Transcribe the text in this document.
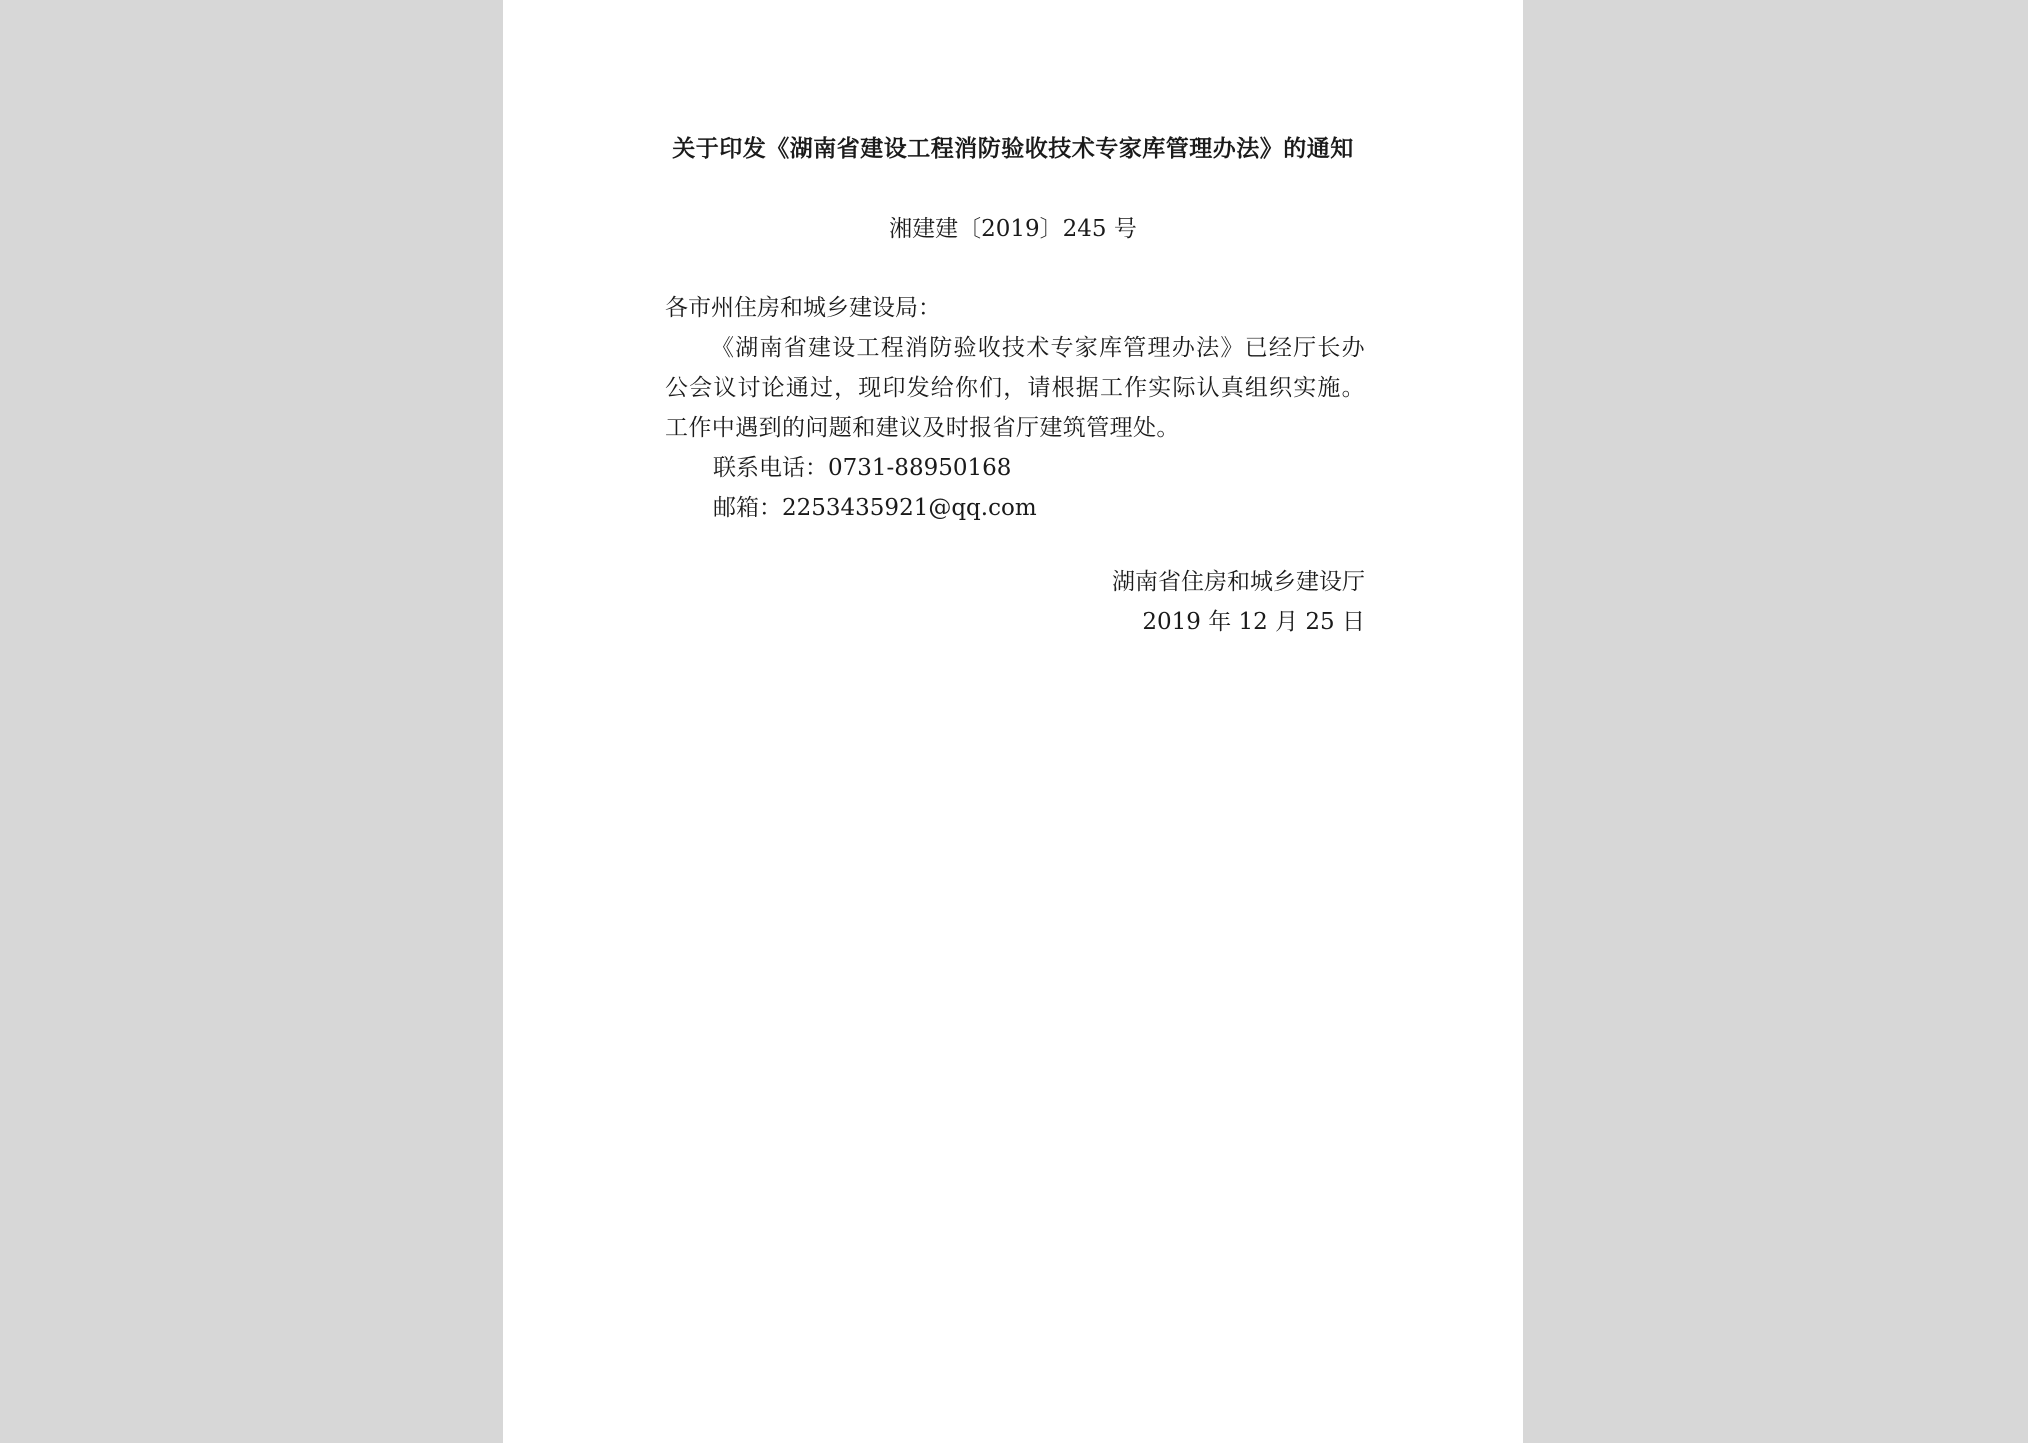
关于印发《湖南省建设工程消防验收技术专家库管理办法》的通知
湘建建〔2019〕245 号
各市州住房和城乡建设局：
《湖南省建设工程消防验收技术专家库管理办法》已经厅长办公会议讨论通过，现印发给你们，请根据工作实际认真组织实施。工作中遇到的问题和建议及时报省厅建筑管理处。
联系电话：0731-88950168
邮箱：2253435921@qq.com
湖南省住房和城乡建设厅
2019 年 12 月 25 日
